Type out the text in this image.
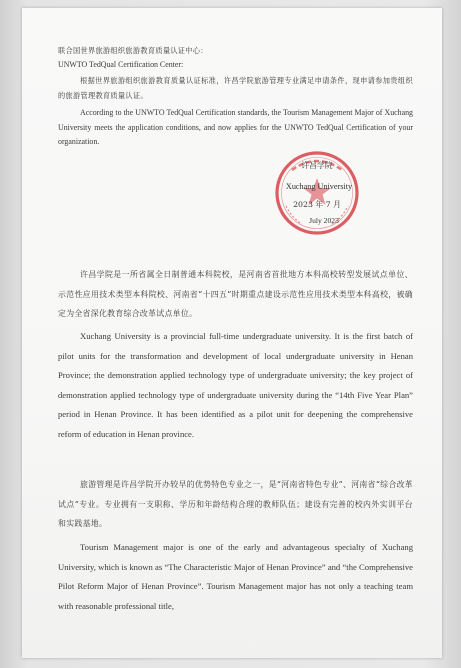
联合国世界旅游组织旅游教育质量认证中心：
UNWTO TedQual Certification Center:
根据世界旅游组织旅游教育质量认证标准，许昌学院旅游管理专业满足申请条件，现申请参加贵组织的旅游管理教育质量认证。
According to the UNWTO TedQual Certification standards, the Tourism Management Major of Xuchang University meets the application conditions, and now applies for the UNWTO TedQual Certification of your organization.
许昌学院
Xuchang University
2023 年 7 月
July 2023
许昌学院是一所省属全日制普通本科院校，是河南省首批地方本科高校转型发展试点单位、示范性应用技术类型本科院校、河南省“十四五”时期重点建设示范性应用技术类型本科高校，被确定为全省深化教育综合改革试点单位。
Xuchang University is a provincial full-time undergraduate university. It is the first batch of pilot units for the transformation and development of local undergraduate university in Henan Province; the demonstration applied technology type of undergraduate university; the key project of demonstration applied technology type of undergraduate university during the “14th Five Year Plan” period in Henan Province. It has been identified as a pilot unit for deepening the comprehensive reform of education in Henan province.
旅游管理是许昌学院开办较早的优势特色专业之一，是“河南省特色专业”、河南省“综合改革试点”专业。专业拥有一支职称、学历和年龄结构合理的教师队伍；建设有完善的校内外实训平台和实践基地。
Tourism Management major is one of the early and advantageous specialty of Xuchang University, which is known as “The Characteristic Major of Henan Province” and “the Comprehensive Pilot Reform Major of Henan Province”. Tourism Management major has not only a teaching team with reasonable professional title,
